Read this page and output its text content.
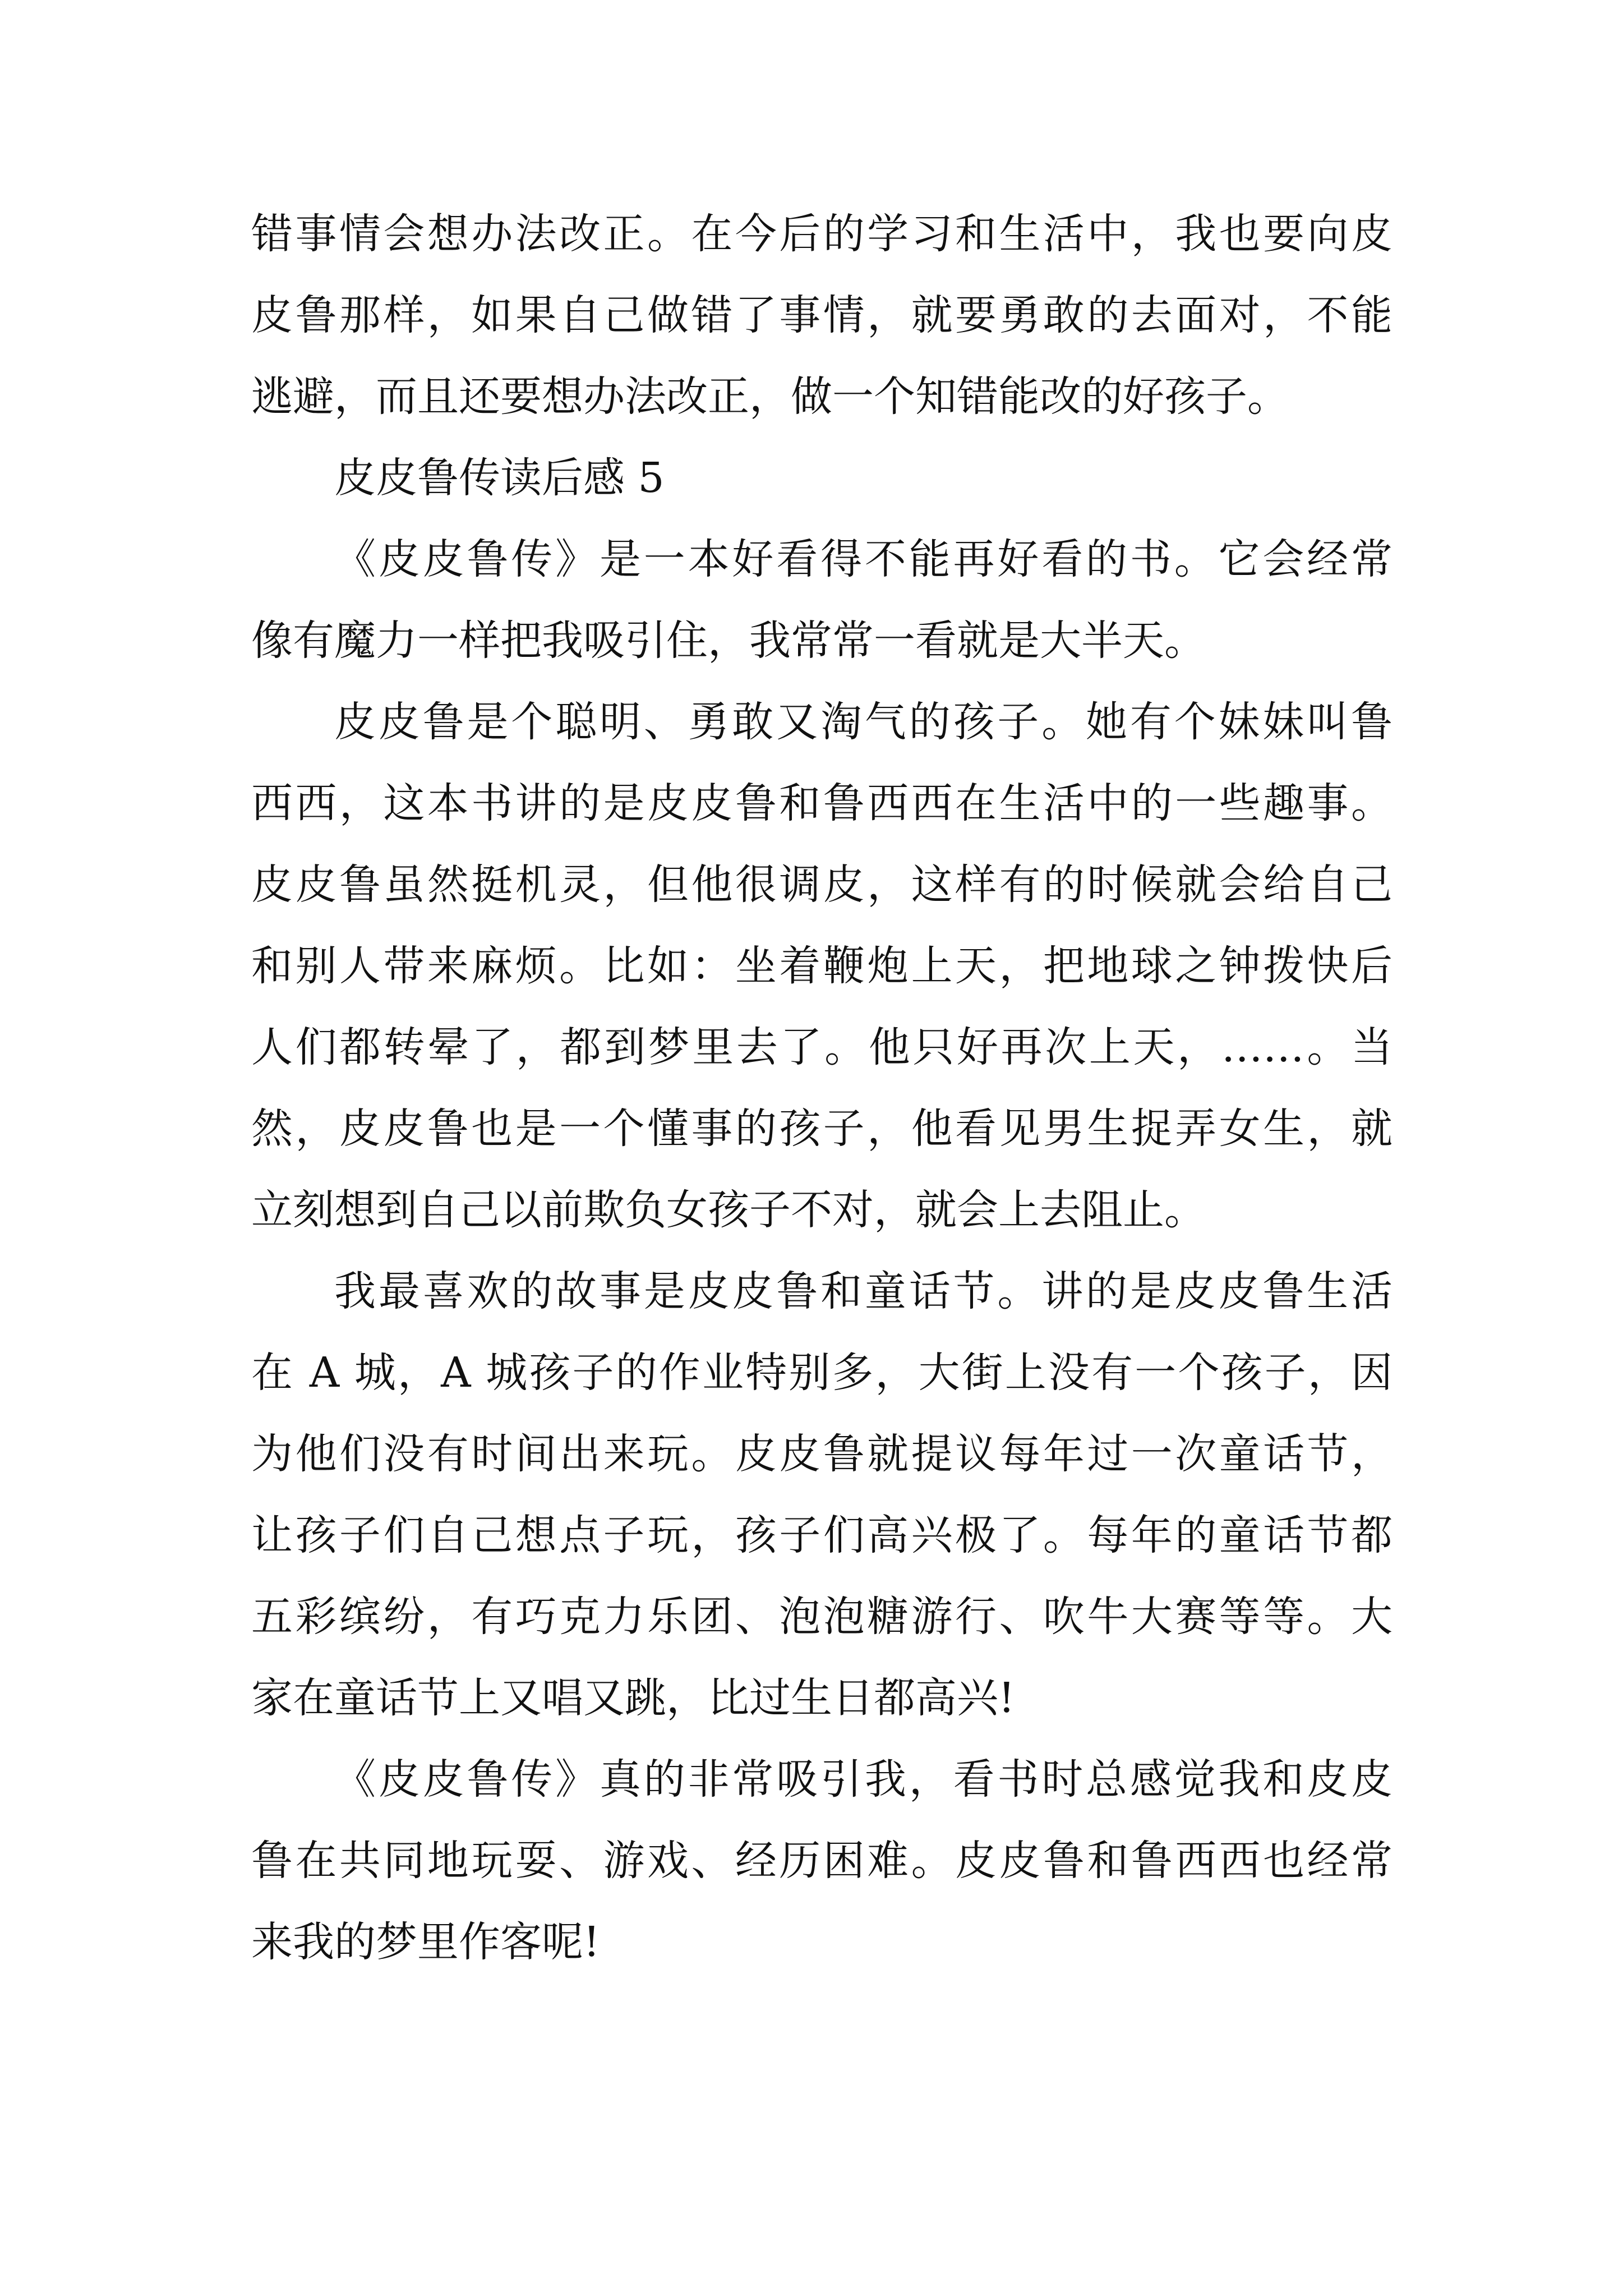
错事情会想办法改正。在今后的学习和生活中，我也要向皮
皮鲁那样，如果自己做错了事情，就要勇敢的去面对，不能
逃避，而且还要想办法改正，做一个知错能改的好孩子。
皮皮鲁传读后感 5
《皮皮鲁传》是一本好看得不能再好看的书。它会经常
像有魔力一样把我吸引住，我常常一看就是大半天。
皮皮鲁是个聪明、勇敢又淘气的孩子。她有个妹妹叫鲁
西西，这本书讲的是皮皮鲁和鲁西西在生活中的一些趣事。
皮皮鲁虽然挺机灵，但他很调皮，这样有的时候就会给自己
和别人带来麻烦。比如：坐着鞭炮上天，把地球之钟拨快后
人们都转晕了，都到梦里去了。他只好再次上天，……。当
然，皮皮鲁也是一个懂事的孩子，他看见男生捉弄女生，就
立刻想到自己以前欺负女孩子不对，就会上去阻止。
我最喜欢的故事是皮皮鲁和童话节。讲的是皮皮鲁生活
在 A 城，A 城孩子的作业特别多，大街上没有一个孩子，因
为他们没有时间出来玩。皮皮鲁就提议每年过一次童话节，
让孩子们自己想点子玩，孩子们高兴极了。每年的童话节都
五彩缤纷，有巧克力乐团、泡泡糖游行、吹牛大赛等等。大
家在童话节上又唱又跳，比过生日都高兴!
《皮皮鲁传》真的非常吸引我，看书时总感觉我和皮皮
鲁在共同地玩耍、游戏、经历困难。皮皮鲁和鲁西西也经常
来我的梦里作客呢!
